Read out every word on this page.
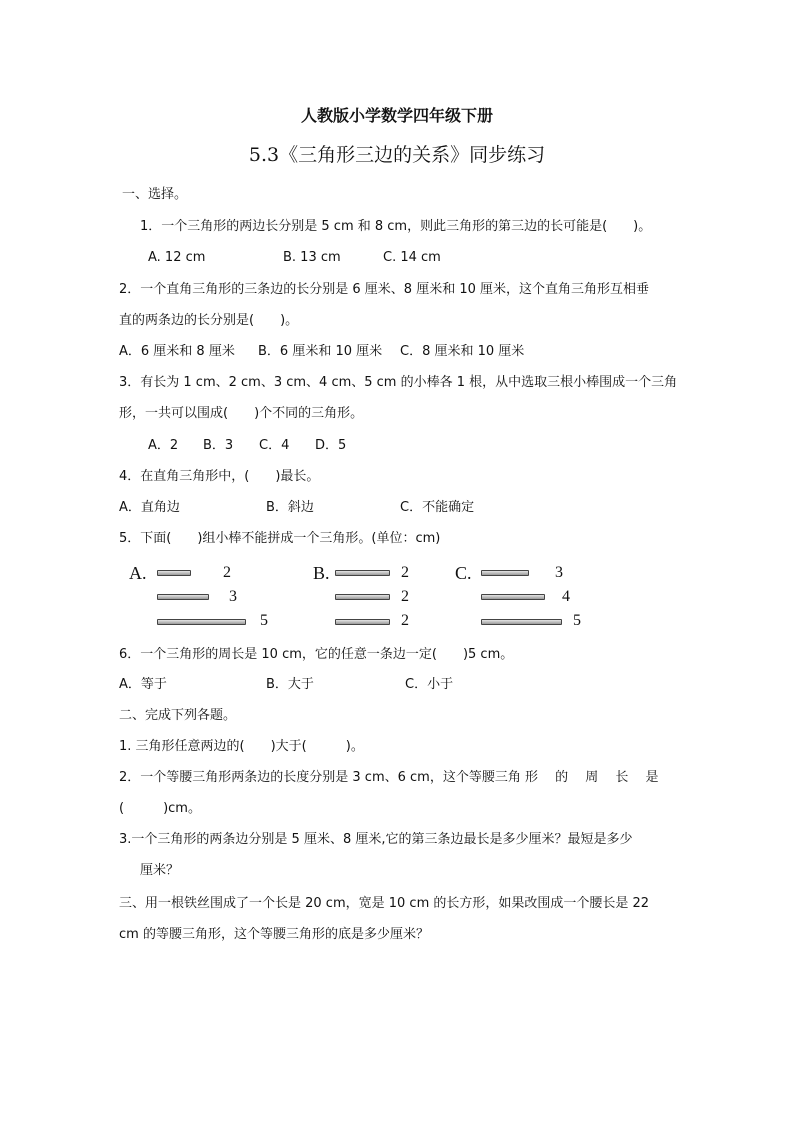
人教版小学数学四年级下册
5.3《三角形三边的关系》同步练习
一、选择。
1．一个三角形的两边长分别是 5 cm 和 8 cm，则此三角形的第三边的长可能是(　　)。
A. 12 cm	B. 13 cm	C. 14 cm
2．一个直角三角形的三条边的长分别是 6 厘米、8 厘米和 10 厘米，这个直角三角形互相垂
直的两条边的长分别是(　　)。
A．6 厘米和 8 厘米 B．6 厘米和 10 厘米 C．8 厘米和 10 厘米
3．有长为 1 cm、2 cm、3 cm、4 cm、5 cm 的小棒各 1 根，从中选取三根小棒围成一个三角
形，一共可以围成(　　)个不同的三角形。
A．2 B．3 C．4 D．5
4．在直角三角形中，(　　)最长。
A．直角边	B．斜边	C．不能确定
5．下面(　　)组小棒不能拼成一个三角形。(单位：cm)
A.	2
3
5
B.	2
2
2
C.	3
4
5
6．一个三角形的周长是 10 cm，它的任意一条边一定(　　)5 cm。
A．等于	B．大于	C．小于
二、完成下列各题。
1. 三角形任意两边的(　　)大于(　　　)。
2．一个等腰三角形两条边的长度分别是 3 cm、6 cm，这个等腰三角 形　 的　 周　 长　 是
(　　　)cm。
3.一个三角形的两条边分别是 5 厘米、8 厘米,它的第三条边最长是多少厘米？最短是多少
厘米？
三、用一根铁丝围成了一个长是 20 cm，宽是 10 cm 的长方形，如果改围成一个腰长是 22
cm 的等腰三角形，这个等腰三角形的底是多少厘米？
